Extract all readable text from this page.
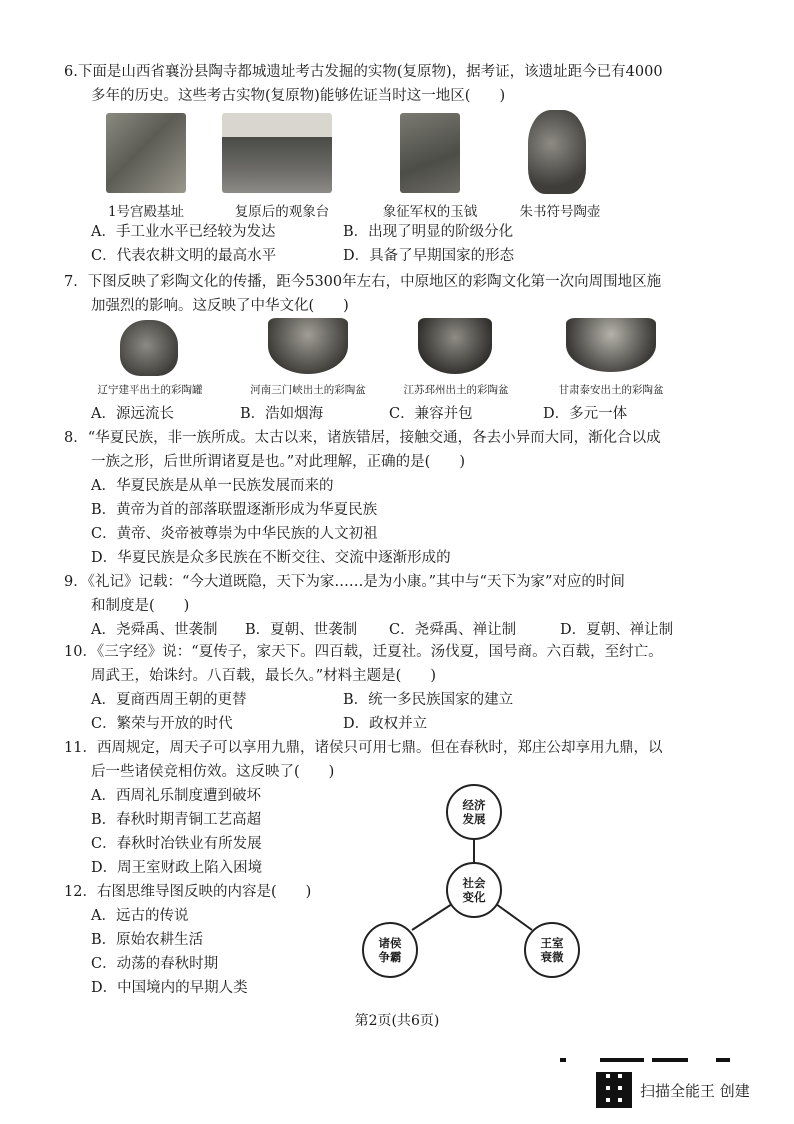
6.下面是山西省襄汾县陶寺都城遗址考古发掘的实物(复原物)，据考证，该遗址距今已有4000
多年的历史。这些考古实物(复原物)能够佐证当时这一地区(　　)
1号宫殿基址	复原后的观象台	象征军权的玉钺	朱书符号陶壶
A．手工业水平已经较为发达	B．出现了明显的阶级分化
C．代表农耕文明的最高水平	D．具备了早期国家的形态
7．下图反映了彩陶文化的传播，距今5300年左右，中原地区的彩陶文化第一次向周围地区施
加强烈的影响。这反映了中华文化(　　)
辽宁建平出土的彩陶罐	河南三门峡出土的彩陶盆	江苏邳州出土的彩陶盆	甘肃泰安出土的彩陶盆
A．源远流长	B．浩如烟海	C．兼容并包	D．多元一体
8．“华夏民族，非一族所成。太古以来，诸族错居，接触交通，各去小异而大同，渐化合以成
一族之形，后世所谓诸夏是也。”对此理解，正确的是(　　)
A．华夏民族是从单一民族发展而来的
B．黄帝为首的部落联盟逐渐形成为华夏民族
C．黄帝、炎帝被尊崇为中华民族的人文初祖
D．华夏民族是众多民族在不断交往、交流中逐渐形成的
9．《礼记》记载：“今大道既隐，天下为家……是为小康。”其中与“天下为家”对应的时间
和制度是(　　)
A．尧舜禹、世袭制 B．夏朝、世袭制 C．尧舜禹、禅让制	D．夏朝、禅让制
10．《三字经》说：“夏传子，家天下。四百载，迁夏社。汤伐夏，国号商。六百载，至纣亡。
周武王，始诛纣。八百载，最长久。”材料主题是(　　)
A．夏商西周王朝的更替	B．统一多民族国家的建立
C．繁荣与开放的时代	D．政权并立
11．西周规定，周天子可以享用九鼎，诸侯只可用七鼎。但在春秋时，郑庄公却享用九鼎，以
后一些诸侯竞相仿效。这反映了(　　)
A．西周礼乐制度遭到破坏
B．春秋时期青铜工艺高超
C．春秋时冶铁业有所发展
D．周王室财政上陷入困境
12．右图思维导图反映的内容是(　　)
A．远古的传说
B．原始农耕生活
C．动荡的春秋时期
D．中国境内的早期人类
经济
发展
社会
变化
诸侯
争霸
王室
衰微
第2页(共6页)
扫描全能王 创建
